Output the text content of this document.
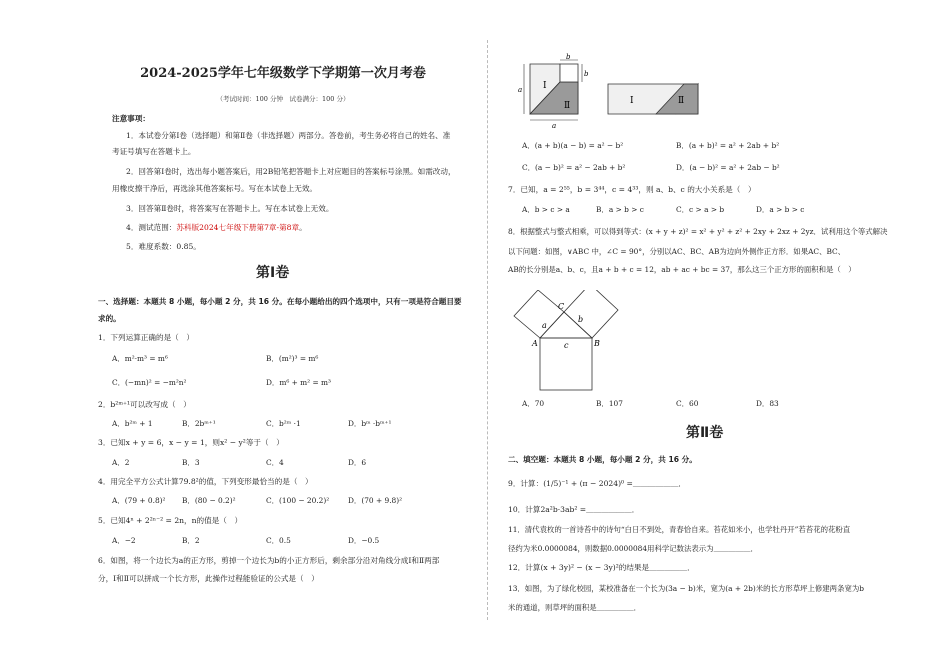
2024-2025学年七年级数学下学期第一次月考卷
（考试时间：100 分钟　试卷满分：100 分）
注意事项：
1．本试卷分第Ⅰ卷（选择题）和第Ⅱ卷（非选择题）两部分。答卷前，考生务必将自己的姓名、准
考证号填写在答题卡上。
2．回答第Ⅰ卷时，选出每小题答案后，用2B铅笔把答题卡上对应题目的答案标号涂黑。如需改动，
用橡皮擦干净后，再选涂其他答案标号。写在本试卷上无效。
3．回答第Ⅱ卷时，将答案写在答题卡上。写在本试卷上无效。
4．测试范围：苏科版2024七年级下册第7章-第8章。
5．难度系数：0.85。
第Ⅰ卷
一、选择题：本题共 8 小题，每小题 2 分，共 16 分。在每小题给出的四个选项中，只有一项是符合题目要
求的。
1．下列运算正确的是（　）
A．m²·m³ = m⁶	B．(m²)³ = m⁶
C．(−mn)² = −m²n²	D．m⁶ + m² = m³
2．b²ᵐ⁺¹可以改写成（　）
A．b²ᵐ + 1	B．2bᵐ⁺¹	C．b²ᵐ ·1	D．bᵐ ·bᵐ⁺¹
3．已知x + y = 6，x − y = 1，则x² − y²等于（　）
A．2	B．3	C．4	D．6
4．用完全平方公式计算79.8²的值，下列变形最恰当的是（　）
A．(79 + 0.8)² B．(80 − 0.2)²	C．(100 − 20.2)²	D．(70 + 9.8)²
5．已知4ⁿ + 2²ⁿ⁻² = 2n，n的值是（　）
A．−2	B．2	C．0.5	D．−0.5
6．如图，将一个边长为a的正方形，剪掉一个边长为b的小正方形后，剩余部分沿对角线分成Ⅰ和Ⅱ两部
分，Ⅰ和Ⅱ可以拼成一个长方形，此操作过程能验证的公式是（　）
Ⅰ
Ⅱ
b
b
a
a
Ⅰ	Ⅱ
A．(a + b)(a − b) = a² − b²	B．(a + b)² = a² + 2ab + b²
C．(a − b)² = a² − 2ab + b²	D．(a − b)² = a² + 2ab − b²
7．已知，a = 2⁵⁵，b = 3⁴⁴，c = 4³³，则 a、b、c 的大小关系是（　）
A．b > c > a	B．a > b > c	C．c > a > b	D．a > b > c
8．根据整式与整式相乘，可以得到等式：(x + y + z)² = x² + y² + z² + 2xy + 2xz + 2yz．试利用这个等式解决
以下问题：如图，∨ABC 中，∠C = 90°，分别以AC、BC、AB为边向外侧作正方形．如果AC、BC、
AB的长分别是a、b、c，且a + b + c = 12，ab + ac + bc = 37，那么这三个正方形的面积和是（　）
A	B
C
a
b
c
A．70	B．107	C．60	D．83
第Ⅱ卷
二、填空题：本题共 8 小题，每小题 2 分，共 16 分。
9．计算：(1/5)⁻¹ + (π − 2024)⁰ =＿＿＿＿＿＿．
10．计算2a²b·3ab² =＿＿＿＿＿＿．
11．清代袁枚的一首诗苔中的诗句“白日不到处，青春恰自来。苔花如米小，也学牡丹开”若苔花的花粉直
径约为米0.0000084，则数据0.0000084用科学记数法表示为＿＿＿＿＿．
12．计算(x + 3y)² − (x − 3y)²的结果是＿＿＿＿＿．
13．如图，为了绿化校园，某校准备在一个长为(3a − b)米，宽为(a + 2b)米的长方形草坪上修建两条宽为b
米的通道，则草坪的面积是＿＿＿＿＿．
